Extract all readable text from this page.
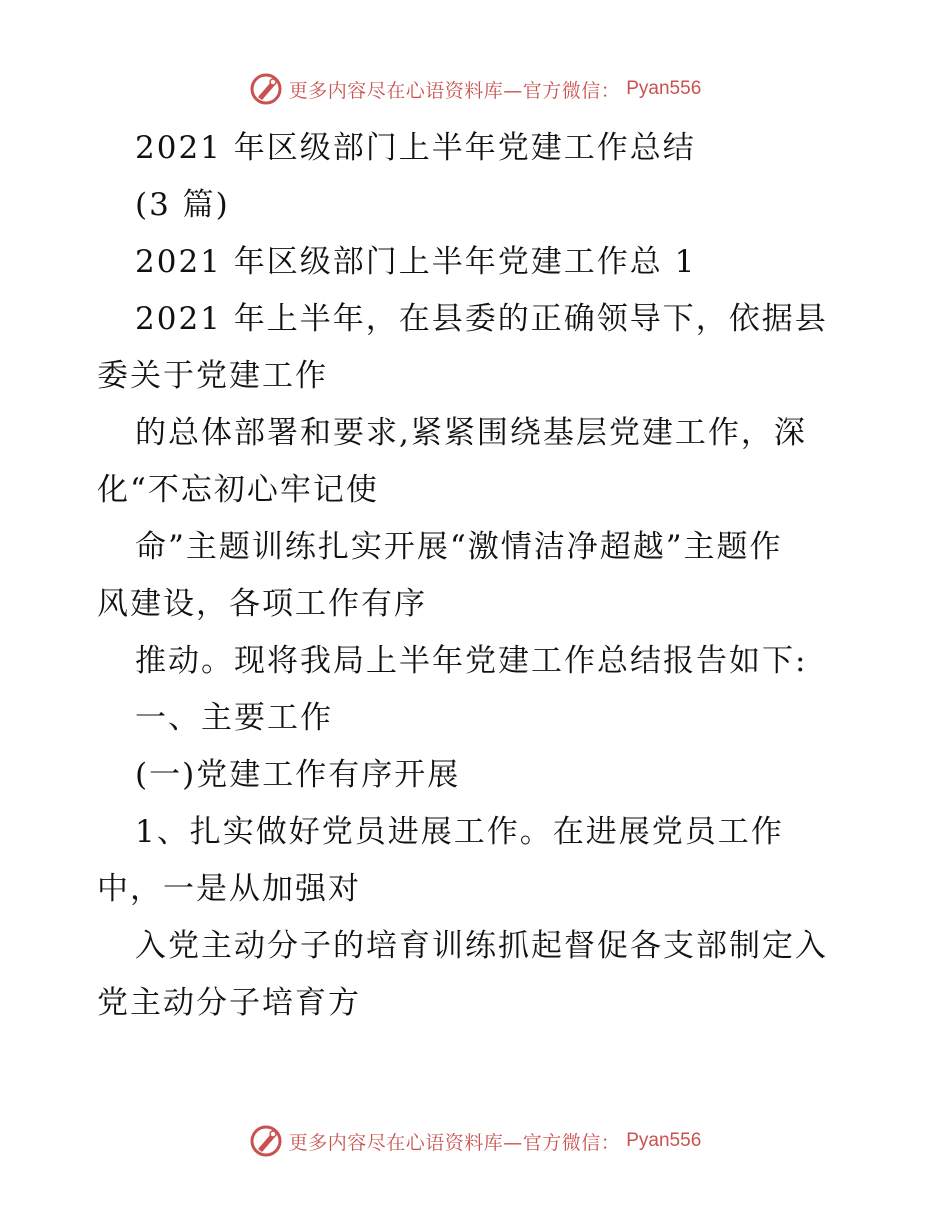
更多内容尽在心语资料库—官方微信： Pyan556
2021 年区级部门上半年党建工作总结
(3 篇)
2021 年区级部门上半年党建工作总 1
2021 年上半年，在县委的正确领导下，依据县
委关于党建工作
的总体部署和要求,紧紧围绕基层党建工作，深
化“不忘初心牢记使
命”主题训练扎实开展“激情洁净超越”主题作
风建设，各项工作有序
推动。现将我局上半年党建工作总结报告如下:
一、主要工作
(一)党建工作有序开展
1、扎实做好党员进展工作。在进展党员工作
中，一是从加强对
入党主动分子的培育训练抓起督促各支部制定入
党主动分子培育方
更多内容尽在心语资料库—官方微信： Pyan556
